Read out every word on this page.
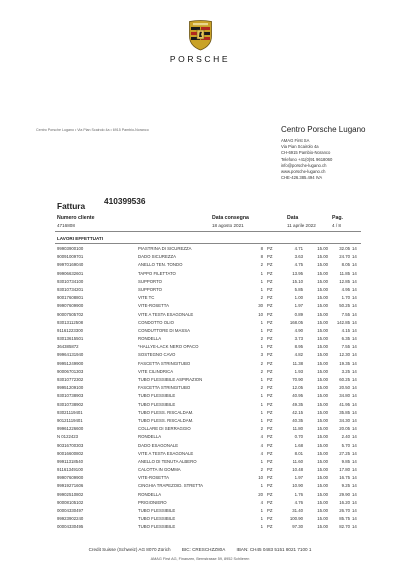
PORSCHE
Centro Porsche Lugano • Via Pian Scairolo 4a • 6915 Pambio-Noranco	Centro Porsche Lugano
AMAG First SA
Via Pian Scairolo 4a
CH-6915 Pambio-Noranco
Telefono +41(0)91 9618060
info@porsche-lugano.ch
www.porsche-lugano.ch
CHE-426.385.494 IVA
Fattura 410399536
Numero cliente
4716808
Data consegna
18 agosto 2021
Data
11 aprile 2022
Pag.
4 / 8
LAVORI EFFETTUATI
99903900100	PIASTRINA DI SICUREZZA	8 PZ	4.71	15.00	32.05 14
90091009701	DADO SICUREZZA	8 PZ	3.63	15.00	24.70 14
99970169040	ANELLO TEN. TONDO	2 PZ	4.75	15.00	8.05 14
99906632601	TAPPO FILETTATO	1 PZ	13.95	15.00	11.85 14
93010734100	SUPPORTO	1 PZ	15.10	15.00	12.85 14
93010734201	SUPPORTO	1 PZ	5.85	15.00	4.95 14
90017608801	VITE TC	2 PZ	1.00	15.00	1.70 14
99907609900	VITE-ROSETTA	30 PZ	1.97	15.00	50.25 14
90007505702	VITE A TESTA ESAGONALE	10 PZ	0.89	15.00	7.55 14
93013112508	CONDOTTO OLIO	1 PZ	168.05	15.00	142.85 14
91161223300	CONDUTTORE DI MASSA	1 PZ	4.90	15.00	4.15 14
93013615501	RONDELLA	2 PZ	3.73	15.00	6.35 14
364385872	*HALLYE-LACK NERO OPACO	1 PZ	8.95	15.00	7.55 14
99964131940	SOSTEGNO CAVO	3 PZ	4.82	15.00	12.30 14
99951249900	FASCETTA STRINGITUBO	2 PZ	11.38	15.00	19.35 14
90006701303	VITE CILINDRICA	2 PZ	1.93	15.00	3.25 14
93010772302	TUBO FLESSIBILE ASPIRAZION	1 PZ	70.90	15.00	60.25 14
99951209100	FASCETTA STRINGITUBO	2 PZ	12.05	15.00	20.50 14
93010738903	TUBO FLESSIBILE	1 PZ	40.95	15.00	34.80 14
93010738902	TUBO FLESSIBILE	1 PZ	49.35	15.00	41.95 14
93021119401	TUBO FLESS. RISCALDAM.	1 PZ	42.15	15.00	35.85 14
90121119401	TUBO FLESS. RISCALDAM.	1 PZ	40.35	15.00	34.30 14
99961226600	COLLARE DI SERRAGGIO	2 PZ	11.80	15.00	20.05 14
N 0122423	RONDELLA	4 PZ	0.70	15.00	2.40 14
90316700303	DADO ESAGONALE	4 PZ	1.68	15.00	5.70 14
90016600802	VITE A TESTA ESAGONALE	4 PZ	8.01	15.00	27.25 14
99911318540	ANELLO DI TENUTA ALBERO	1 PZ	11.60	15.00	9.85 14
91161349100	CALOTTA IN GOMMA	2 PZ	10.48	15.00	17.80 14
99907609900	VITE-ROSETTA	10 PZ	1.97	15.00	16.75 14
99919271606	CINGHIA TRAPEZOID. STRETTA	1 PZ	10.90	15.00	9.25 14
99902510802	RONDELLA	20 PZ	1.76	15.00	29.90 14
90008105102	PRIGIONIERO	4 PZ	4.76	15.00	16.20 14
00004330497	TUBO FLESSIBILE	1 PZ	31.40	15.00	26.70 14
99923902240	TUBO FLESSIBILE	1 PZ	100.90	15.00	85.75 14
00004330495	TUBO FLESSIBILE	1 PZ	97.30	15.00	82.70 14
Credit Suisse (Schweiz) AG 8070 Zürich BIC: CRESCHZZ80A IBAN: CH45 0483 5151 8021 7100 1
AMAG First AG, Finanzen, Bernstrasse 59, 8952 Schlieren
